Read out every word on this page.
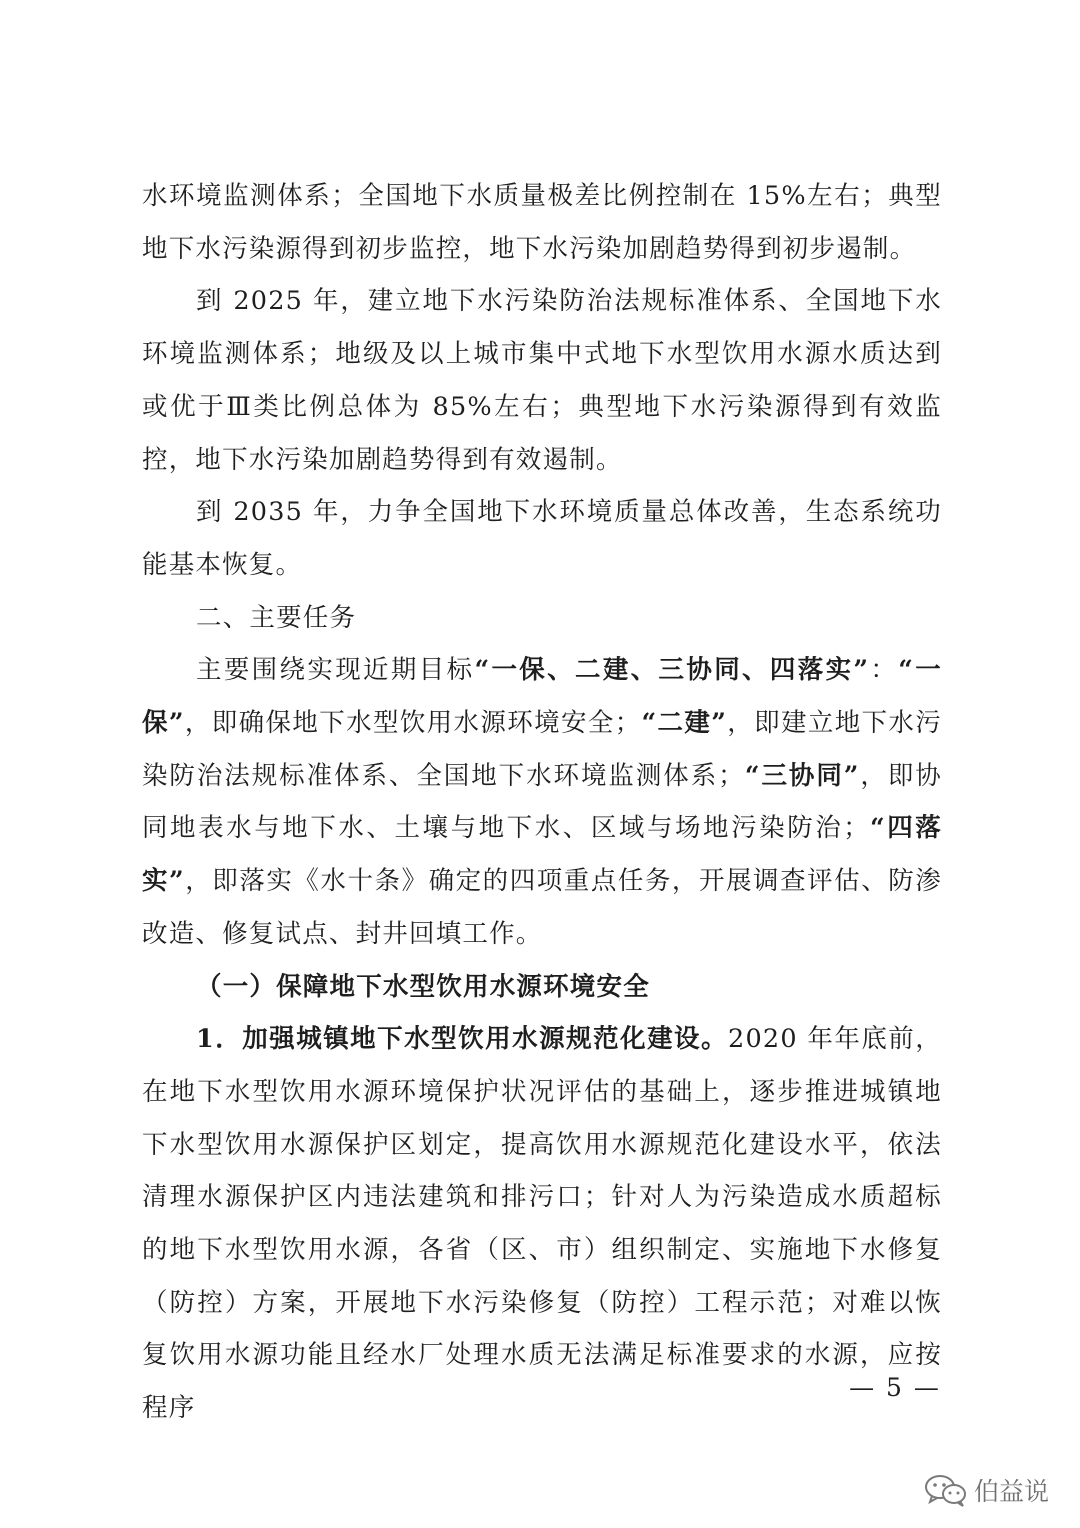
水环境监测体系；全国地下水质量极差比例控制在 15%左右；典型地下水污染源得到初步监控，地下水污染加剧趋势得到初步遏制。

到 2025 年，建立地下水污染防治法规标准体系、全国地下水环境监测体系；地级及以上城市集中式地下水型饮用水源水质达到或优于Ⅲ类比例总体为 85%左右；典型地下水污染源得到有效监控，地下水污染加剧趋势得到有效遏制。

到 2035 年，力争全国地下水环境质量总体改善，生态系统功能基本恢复。

二、主要任务

主要围绕实现近期目标“一保、二建、三协同、四落实”：“一保”，即确保地下水型饮用水源环境安全；“二建”，即建立地下水污染防治法规标准体系、全国地下水环境监测体系；“三协同”，即协同地表水与地下水、土壤与地下水、区域与场地污染防治；“四落实”，即落实《水十条》确定的四项重点任务，开展调查评估、防渗改造、修复试点、封井回填工作。

（一）保障地下水型饮用水源环境安全

1．加强城镇地下水型饮用水源规范化建设。2020 年年底前，在地下水型饮用水源环境保护状况评估的基础上，逐步推进城镇地下水型饮用水源保护区划定，提高饮用水源规范化建设水平，依法清理水源保护区内违法建筑和排污口；针对人为污染造成水质超标的地下水型饮用水源，各省（区、市）组织制定、实施地下水修复（防控）方案，开展地下水污染修复（防控）工程示范；对难以恢复饮用水源功能且经水厂处理水质无法满足标准要求的水源，应按程序

— 5 —
伯益说
